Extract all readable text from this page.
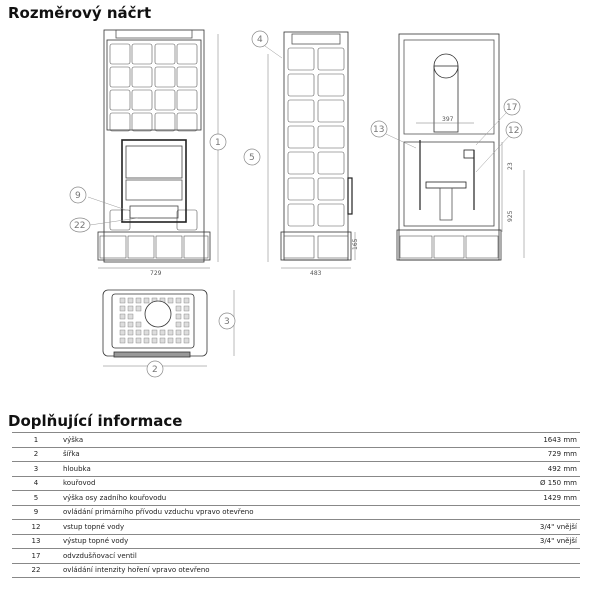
Rozměrový náčrt
729	483
165
397
23
925
1
2
3
4
5
9
12
13
17
22
Doplňující informace
1	výška	1643 mm
2	šířka	729 mm
3	hloubka	492 mm
4	kouřovod	Ø 150 mm
5	výška osy zadního kouřovodu	1429 mm
9	ovládání primárního přívodu vzduchu vpravo otevřeno	
12	vstup topné vody	3/4" vnější
13	výstup topné vody	3/4" vnější
17	odvzdušňovací ventil	
22	ovládání intenzity hoření vpravo otevřeno	
